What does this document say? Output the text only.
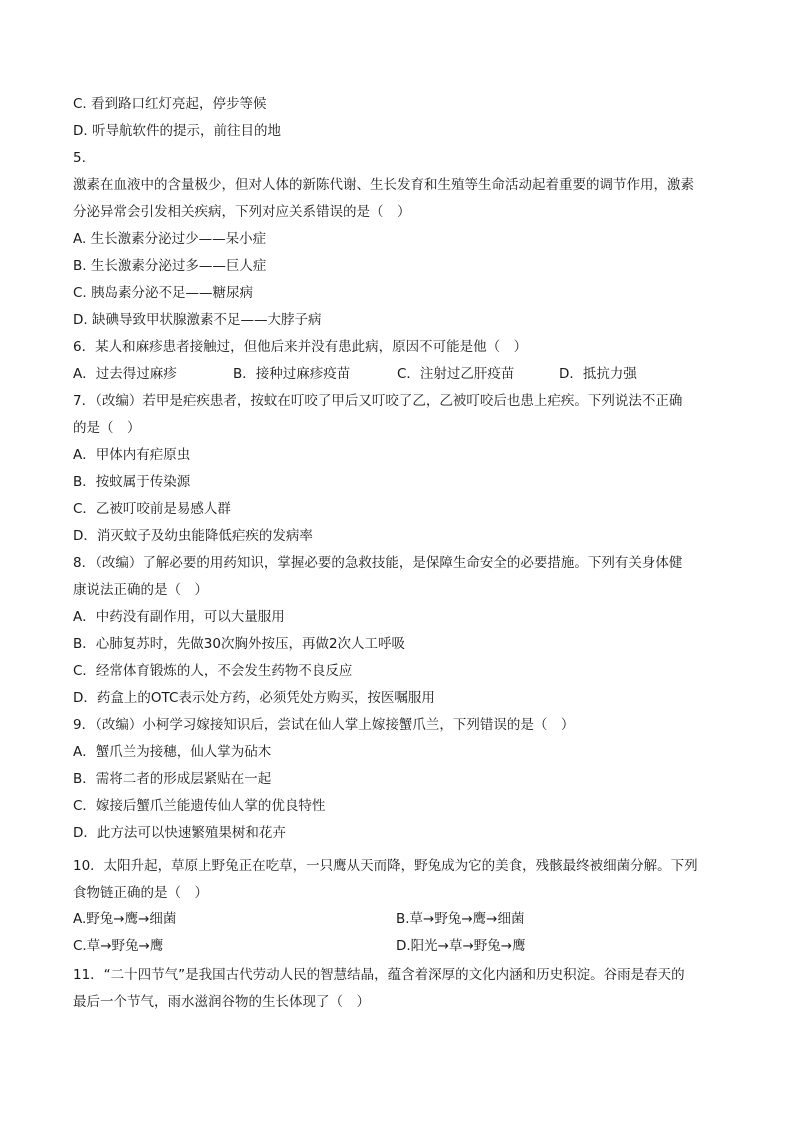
C. 看到路口红灯亮起，停步等候
D. 听导航软件的提示，前往目的地
5.
激素在血液中的含量极少，但对人体的新陈代谢、生长发育和生殖等生命活动起着重要的调节作用，激素
分泌异常会引发相关疾病，下列对应关系错误的是（　）
A. 生长激素分泌过少——呆小症
B. 生长激素分泌过多——巨人症
C. 胰岛素分泌不足——糖尿病
D. 缺碘导致甲状腺激素不足——大脖子病
6．某人和麻疹患者接触过，但他后来并没有患此病，原因不可能是他（　）
A．过去得过麻疹	B．接种过麻疹疫苗	C．注射过乙肝疫苗	D．抵抗力强
7．（改编）若甲是疟疾患者，按蚊在叮咬了甲后又叮咬了乙，乙被叮咬后也患上疟疾。下列说法不正确
的是（　）
A．甲体内有疟原虫
B．按蚊属于传染源
C．乙被叮咬前是易感人群
D．消灭蚊子及幼虫能降低疟疾的发病率
8．（改编）了解必要的用药知识，掌握必要的急救技能，是保障生命安全的必要措施。下列有关身体健
康说法正确的是（　）
A．中药没有副作用，可以大量服用
B．心肺复苏时，先做30次胸外按压，再做2次人工呼吸
C．经常体育锻炼的人，不会发生药物不良反应
D．药盒上的OTC表示处方药，必须凭处方购买，按医嘱服用
9．（改编）小柯学习嫁接知识后，尝试在仙人掌上嫁接蟹爪兰，下列错误的是（　）
A．蟹爪兰为接穗，仙人掌为砧木
B．需将二者的形成层紧贴在一起
C．嫁接后蟹爪兰能遗传仙人掌的优良特性
D．此方法可以快速繁殖果树和花卉
10．太阳升起，草原上野兔正在吃草，一只鹰从天而降，野兔成为它的美食，残骸最终被细菌分解。下列
食物链正确的是（　）
A.野兔→鹰→细菌	B.草→野兔→鹰→细菌
C.草→野兔→鹰	D.阳光→草→野兔→鹰
11．“二十四节气”是我国古代劳动人民的智慧结晶，蕴含着深厚的文化内涵和历史积淀。谷雨是春天的
最后一个节气，雨水滋润谷物的生长体现了（　）
